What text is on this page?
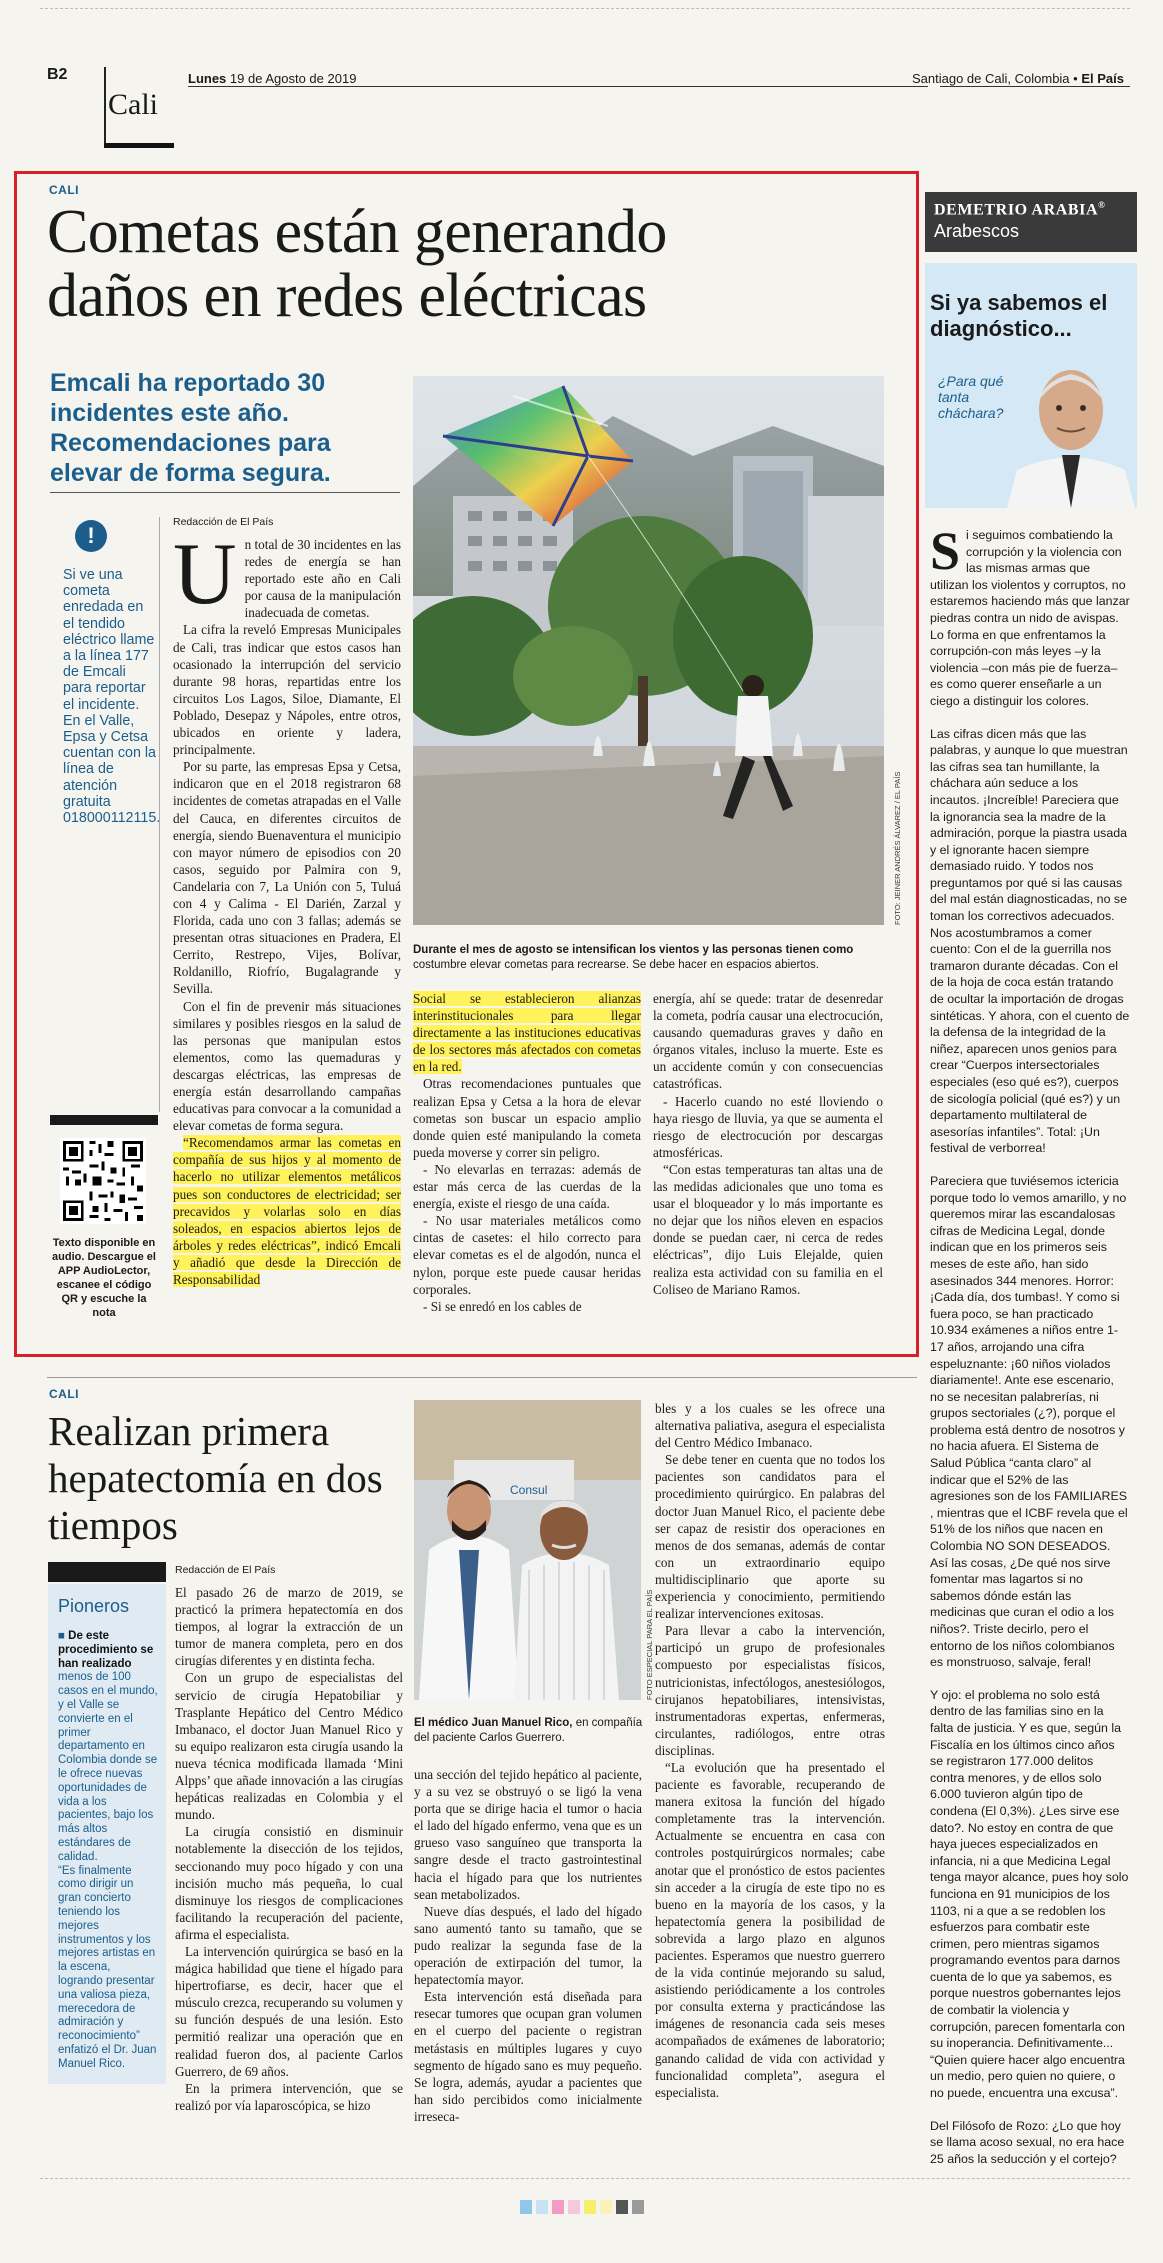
B2	Lunes 19 de Agosto de 2019	Santiago de Cali, Colombia • El País
Cali
CALI
Cometas están generando
daños en redes eléctricas
Emcali ha reportado 30 incidentes este año. Recomendaciones para elevar de forma segura.
FOTO: JEINER ANDRÉS ÁLVAREZ / EL PAÍS
Durante el mes de agosto se intensifican los vientos y las personas tienen como
costumbre elevar cometas para recrearse. Se debe hacer en espacios abiertos.
!
Si ve una cometa enredada en el tendido eléctrico llame a la línea 177 de Emcali para reportar el incidente. En el Valle, Epsa y Cetsa cuentan con la línea de atención gratuita 018000112115.
Texto disponible en audio. Descargue el APP AudioLector, escanee el código QR y escuche la nota
Redacción de El País
U n total de 30 incidentes en las redes de energía se han reportado este año en Cali por causa de la manipulación inadecuada de cometas.

La cifra la reveló Empresas Municipales de Cali, tras indicar que estos casos han ocasionado la interrupción del servicio durante 98 horas, repartidas entre los circuitos Los Lagos, Siloe, Diamante, El Poblado, Desepaz y Nápoles, entre otros, ubicados en oriente y ladera, principalmente.

Por su parte, las empresas Epsa y Cetsa, indicaron que en el 2018 registraron 68 incidentes de cometas atrapadas en el Valle del Cauca, en diferentes circuitos de energía, siendo Buenaventura el municipio con mayor número de episodios con 20 casos, seguido por Palmira con 9, Candelaria con 7, La Unión con 5, Tuluá con 4 y Calima - El Darién, Zarzal y Florida, cada uno con 3 fallas; además se presentan otras situaciones en Pradera, El Cerrito, Restrepo, Vijes, Bolívar, Roldanillo, Riofrío, Bugalagrande y Sevilla.

Con el fin de prevenir más situaciones similares y posibles riesgos en la salud de las personas que manipulan estos elementos, como las quemaduras y descargas eléctricas, las empresas de energía están desarrollando campañas educativas para convocar a la comunidad a elevar cometas de forma segura.

“Recomendamos armar las cometas en compañía de sus hijos y al momento de hacerlo no utilizar elementos metálicos pues son conductores de electricidad; ser precavidos y volarlas solo en días soleados, en espacios abiertos lejos de árboles y redes eléctricas”, indicó Emcali y añadió que desde la Dirección de Responsabilidad

Social se establecieron alianzas interinstitucionales para llegar directamente a las instituciones educativas de los sectores más afectados con cometas en la red.

Otras recomendaciones puntuales que realizan Epsa y Cetsa a la hora de elevar cometas son buscar un espacio amplio donde quien esté manipulando la cometa pueda moverse y correr sin peligro.

- No elevarlas en terrazas: además de estar más cerca de las cuerdas de la energía, existe el riesgo de una caída.

- No usar materiales metálicos como cintas de casetes: el hilo correcto para elevar cometas es el de algodón, nunca el nylon, porque este puede causar heridas corporales.

- Si se enredó en los cables de

energía, ahí se quede: tratar de desenredar la cometa, podría causar una electrocución, causando quemaduras graves y daño en órganos vitales, incluso la muerte. Este es un accidente común y con consecuencias catastróficas.

- Hacerlo cuando no esté lloviendo o haya riesgo de lluvia, ya que se aumenta el riesgo de electrocución por descargas atmosféricas.

“Con estas temperaturas tan altas una de las medidas adicionales que uno toma es usar el bloqueador y lo más importante es no dejar que los niños eleven en espacios donde se puedan caer, ni cerca de redes eléctricas”, dijo Luis Elejalde, quien realiza esta actividad con su familia en el Coliseo de Mariano Ramos.

DEMETRIO ARABIA®
Arabescos
Si ya sabemos el diagnóstico...
¿Para qué tanta cháchara?
S i seguimos combatiendo la corrupción y la violencia con las mismas armas que utilizan los violentos y corruptos, no estaremos haciendo más que lanzar piedras contra un nido de avispas. Lo forma en que enfrentamos la corrupción-con más leyes –y la violencia –con más pie de fuerza– es como querer enseñarle a un ciego a distinguir los colores.

Las cifras dicen más que las palabras, y aunque lo que muestran las cifras sea tan humillante, la cháchara aún seduce a los incautos. ¡Increíble! Pareciera que la ignorancia sea la madre de la admiración, porque la piastra usada y el ignorante hacen siempre demasiado ruido. Y todos nos preguntamos por qué si las causas del mal están diagnosticadas, no se toman los correctivos adecuados. Nos acostumbramos a comer cuento: Con el de la guerrilla nos tramaron durante décadas. Con el de la hoja de coca están tratando de ocultar la importación de drogas sintéticas. Y ahora, con el cuento de la defensa de la integridad de la niñez, aparecen unos genios para crear “Cuerpos intersectoriales especiales (eso qué es?), cuerpos de sicología policial (qué es?) y un departamento multilateral de asesorías infantiles”. Total: ¡Un festival de verborrea!

Pareciera que tuviésemos ictericia porque todo lo vemos amarillo, y no queremos mirar las escandalosas cifras de Medicina Legal, donde indican que en los primeros seis meses de este año, han sido asesinados 344 menores. Horror: ¡Cada día, dos tumbas!. Y como si fuera poco, se han practicado 10.934 exámenes a niños entre 1-17 años, arrojando una cifra espeluznante: ¡60 niños violados diariamente!. Ante ese escenario, no se necesitan palabrerías, ni grupos sectoriales (¿?), porque el problema está dentro de nosotros y no hacia afuera. El Sistema de Salud Pública “canta claro” al indicar que el 52% de las agresiones son de los FAMILIARES , mientras que el ICBF revela que el 51% de los niños que nacen en Colombia NO SON DESEADOS. Así las cosas, ¿De qué nos sirve fomentar mas lagartos si no sabemos dónde están las medicinas que curan el odio a los niños?. Triste decirlo, pero el entorno de los niños colombianos es monstruoso, salvaje, feral!

Y ojo: el problema no solo está dentro de las familias sino en la falta de justicia. Y es que, según la Fiscalía en los últimos cinco años se registraron 177.000 delitos contra menores, y de ellos solo 6.000 tuvieron algún tipo de condena (El 0,3%). ¿Les sirve ese dato?. No estoy en contra de que haya jueces especializados en infancia, ni a que Medicina Legal tenga mayor alcance, pues hoy solo funciona en 91 municipios de los 1103, ni a que a se redoblen los esfuerzos para combatir este crimen, pero mientras sigamos programando eventos para darnos cuenta de lo que ya sabemos, es porque nuestros gobernantes lejos de combatir la violencia y corrupción, parecen fomentarla con su inoperancia. Definitivamente... “Quien quiere hacer algo encuentra un medio, pero quien no quiere, o no puede, encuentra una excusa”.

Del Filósofo de Rozo: ¿Lo que hoy se llama acoso sexual, no era hace 25 años la seducción y el cortejo?

CALI
Realizan primera hepatectomía en dos tiempos
Pioneros
■ De este procedimiento se han realizado menos de 100 casos en el mundo, y el Valle se convierte en el primer departamento en Colombia donde se le ofrece nuevas oportunidades de vida a los pacientes, bajo los más altos estándares de calidad.
“Es finalmente como dirigir un gran concierto teniendo los mejores instrumentos y los mejores artistas en la escena, logrando presentar una valiosa pieza, merecedora de admiración y reconocimiento” enfatizó el Dr. Juan Manuel Rico.
Redacción de El País

El pasado 26 de marzo de 2019, se practicó la primera hepatectomía en dos tiempos, al lograr la extracción de un tumor de manera completa, pero en dos cirugías diferentes y en distinta fecha.

Con un grupo de especialistas del servicio de cirugía Hepatobiliar y Trasplante Hepático del Centro Médico Imbanaco, el doctor Juan Manuel Rico y su equipo realizaron esta cirugía usando la nueva técnica modificada llamada ‘Mini Alpps’ que añade innovación a las cirugías hepáticas realizadas en Colombia y el mundo.

La cirugía consistió en disminuir notablemente la disección de los tejidos, seccionando muy poco hígado y con una incisión mucho más pequeña, lo cual disminuye los riesgos de complicaciones facilitando la recuperación del paciente, afirma el especialista.

La intervención quirúrgica se basó en la mágica habilidad que tiene el hígado para hipertrofiarse, es decir, hacer que el músculo crezca, recuperando su volumen y su función después de una lesión. Esto permitió realizar una operación que en realidad fueron dos, al paciente Carlos Guerrero, de 69 años.

En la primera intervención, que se realizó por vía laparoscópica, se hizo

Consul
FOTO ESPECIAL PARA EL PAÍS
El médico Juan Manuel Rico, en compañía del paciente Carlos Guerrero.

una sección del tejido hepático al paciente, y a su vez se obstruyó o se ligó la vena porta que se dirige hacia el tumor o hacia el lado del hígado enfermo, vena que es un grueso vaso sanguíneo que transporta la sangre desde el tracto gastrointestinal hacia el hígado para que los nutrientes sean metabolizados.

Nueve días después, el lado del hígado sano aumentó tanto su tamaño, que se pudo realizar la segunda fase de la operación de extirpación del tumor, la hepatectomía mayor.

Esta intervención está diseñada para resecar tumores que ocupan gran volumen en el cuerpo del paciente o registran metástasis en múltiples lugares y cuyo segmento de hígado sano es muy pequeño. Se logra, además, ayudar a pacientes que han sido percibidos como inicialmente irreseca-

bles y a los cuales se les ofrece una alternativa paliativa, asegura el especialista del Centro Médico Imbanaco.

Se debe tener en cuenta que no todos los pacientes son candidatos para el procedimiento quirúrgico. En palabras del doctor Juan Manuel Rico, el paciente debe ser capaz de resistir dos operaciones en menos de dos semanas, además de contar con un extraordinario equipo multidisciplinario que aporte su experiencia y conocimiento, permitiendo realizar intervenciones exitosas.

Para llevar a cabo la intervención, participó un grupo de profesionales compuesto por especialistas físicos, nutricionistas, infectólogos, anestesiólogos, cirujanos hepatobiliares, intensivistas, instrumentadoras expertas, enfermeras, circulantes, radiólogos, entre otras disciplinas.

“La evolución que ha presentado el paciente es favorable, recuperando de manera exitosa la función del hígado completamente tras la intervención. Actualmente se encuentra en casa con controles postquirúrgicos normales; cabe anotar que el pronóstico de estos pacientes sin acceder a la cirugía de este tipo no es bueno en la mayoría de los casos, y la hepatectomía genera la posibilidad de sobrevida a largo plazo en algunos pacientes. Esperamos que nuestro guerrero de la vida continúe mejorando su salud, asistiendo periódicamente a los controles por consulta externa y practicándose las imágenes de resonancia cada seis meses acompañados de exámenes de laboratorio; ganando calidad de vida con actividad y funcionalidad completa”, asegura el especialista.
